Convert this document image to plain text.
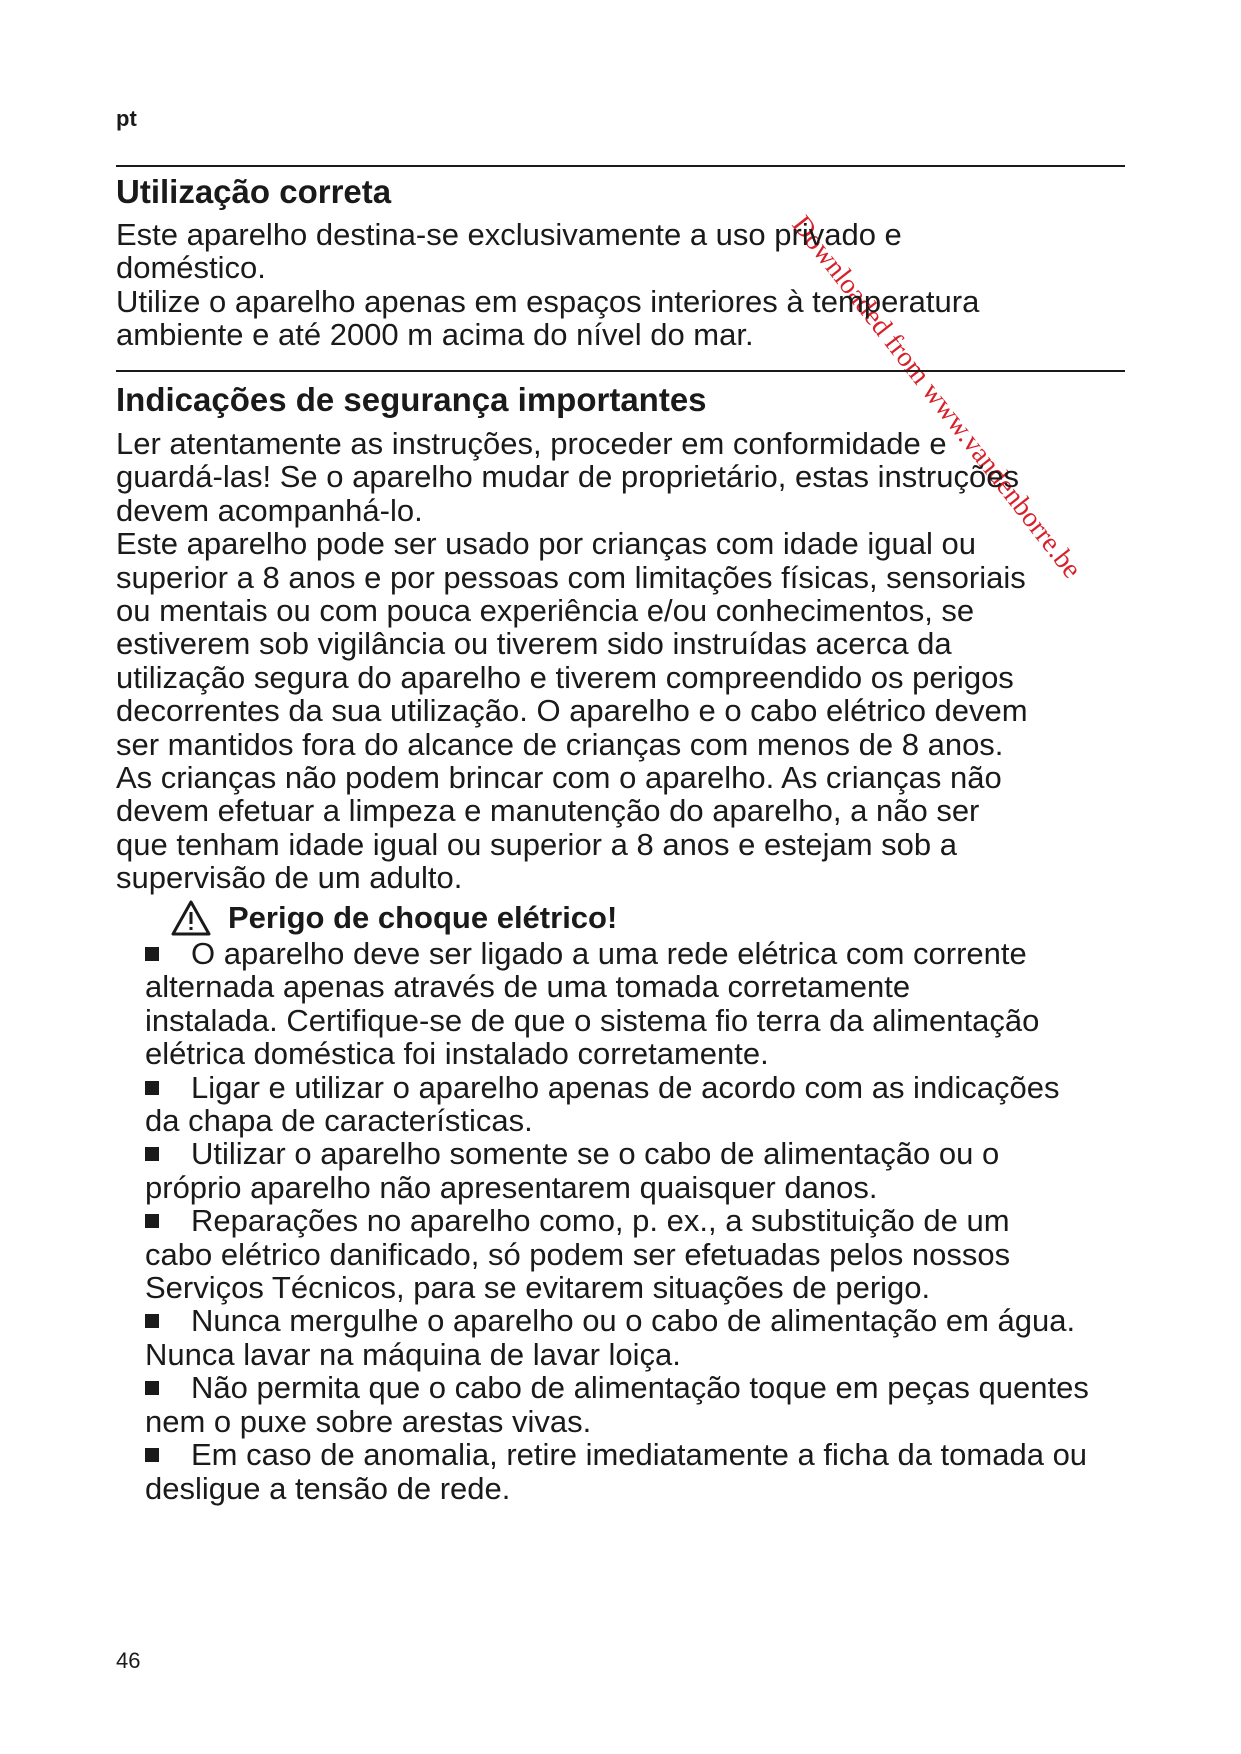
pt
Downloaded from www.vandenborre.be
Utilização correta

Este aparelho destina-se exclusivamente a uso privado e

doméstico.

Utilize o aparelho apenas em espaços interiores à temperatura

ambiente e até 2000 m acima do nível do mar.

Indicações de segurança importantes

Ler atentamente as instruções, proceder em conformidade e

guardá-las! Se o aparelho mudar de proprietário, estas instruções

devem acompanhá-lo.

Este aparelho pode ser usado por crianças com idade igual ou

superior a 8 anos e por pessoas com limitações físicas, sensoriais

ou mentais ou com pouca experiência e/ou conhecimentos, se

estiverem sob vigilância ou tiverem sido instruídas acerca da

utilização segura do aparelho e tiverem compreendido os perigos

decorrentes da sua utilização. O aparelho e o cabo elétrico devem

ser mantidos fora do alcance de crianças com menos de 8 anos.

As crianças não podem brincar com o aparelho. As crianças não

devem efetuar a limpeza e manutenção do aparelho, a não ser

que tenham idade igual ou superior a 8 anos e estejam sob a

supervisão de um adulto.

Perigo de choque elétrico!
O aparelho deve ser ligado a uma rede elétrica com corrente
alternada apenas através de uma tomada corretamente
instalada. Certifique-se de que o sistema fio terra da alimentação
elétrica doméstica foi instalado corretamente.
Ligar e utilizar o aparelho apenas de acordo com as indicações
da chapa de características.
Utilizar o aparelho somente se o cabo de alimentação ou o
próprio aparelho não apresentarem quaisquer danos.
Reparações no aparelho como, p. ex., a substituição de um
cabo elétrico danificado, só podem ser efetuadas pelos nossos
Serviços Técnicos, para se evitarem situações de perigo.
Nunca mergulhe o aparelho ou o cabo de alimentação em água.
Nunca lavar na máquina de lavar loiça.
Não permita que o cabo de alimentação toque em peças quentes
nem o puxe sobre arestas vivas.
Em caso de anomalia, retire imediatamente a ficha da tomada ou
desligue a tensão de rede.
46
